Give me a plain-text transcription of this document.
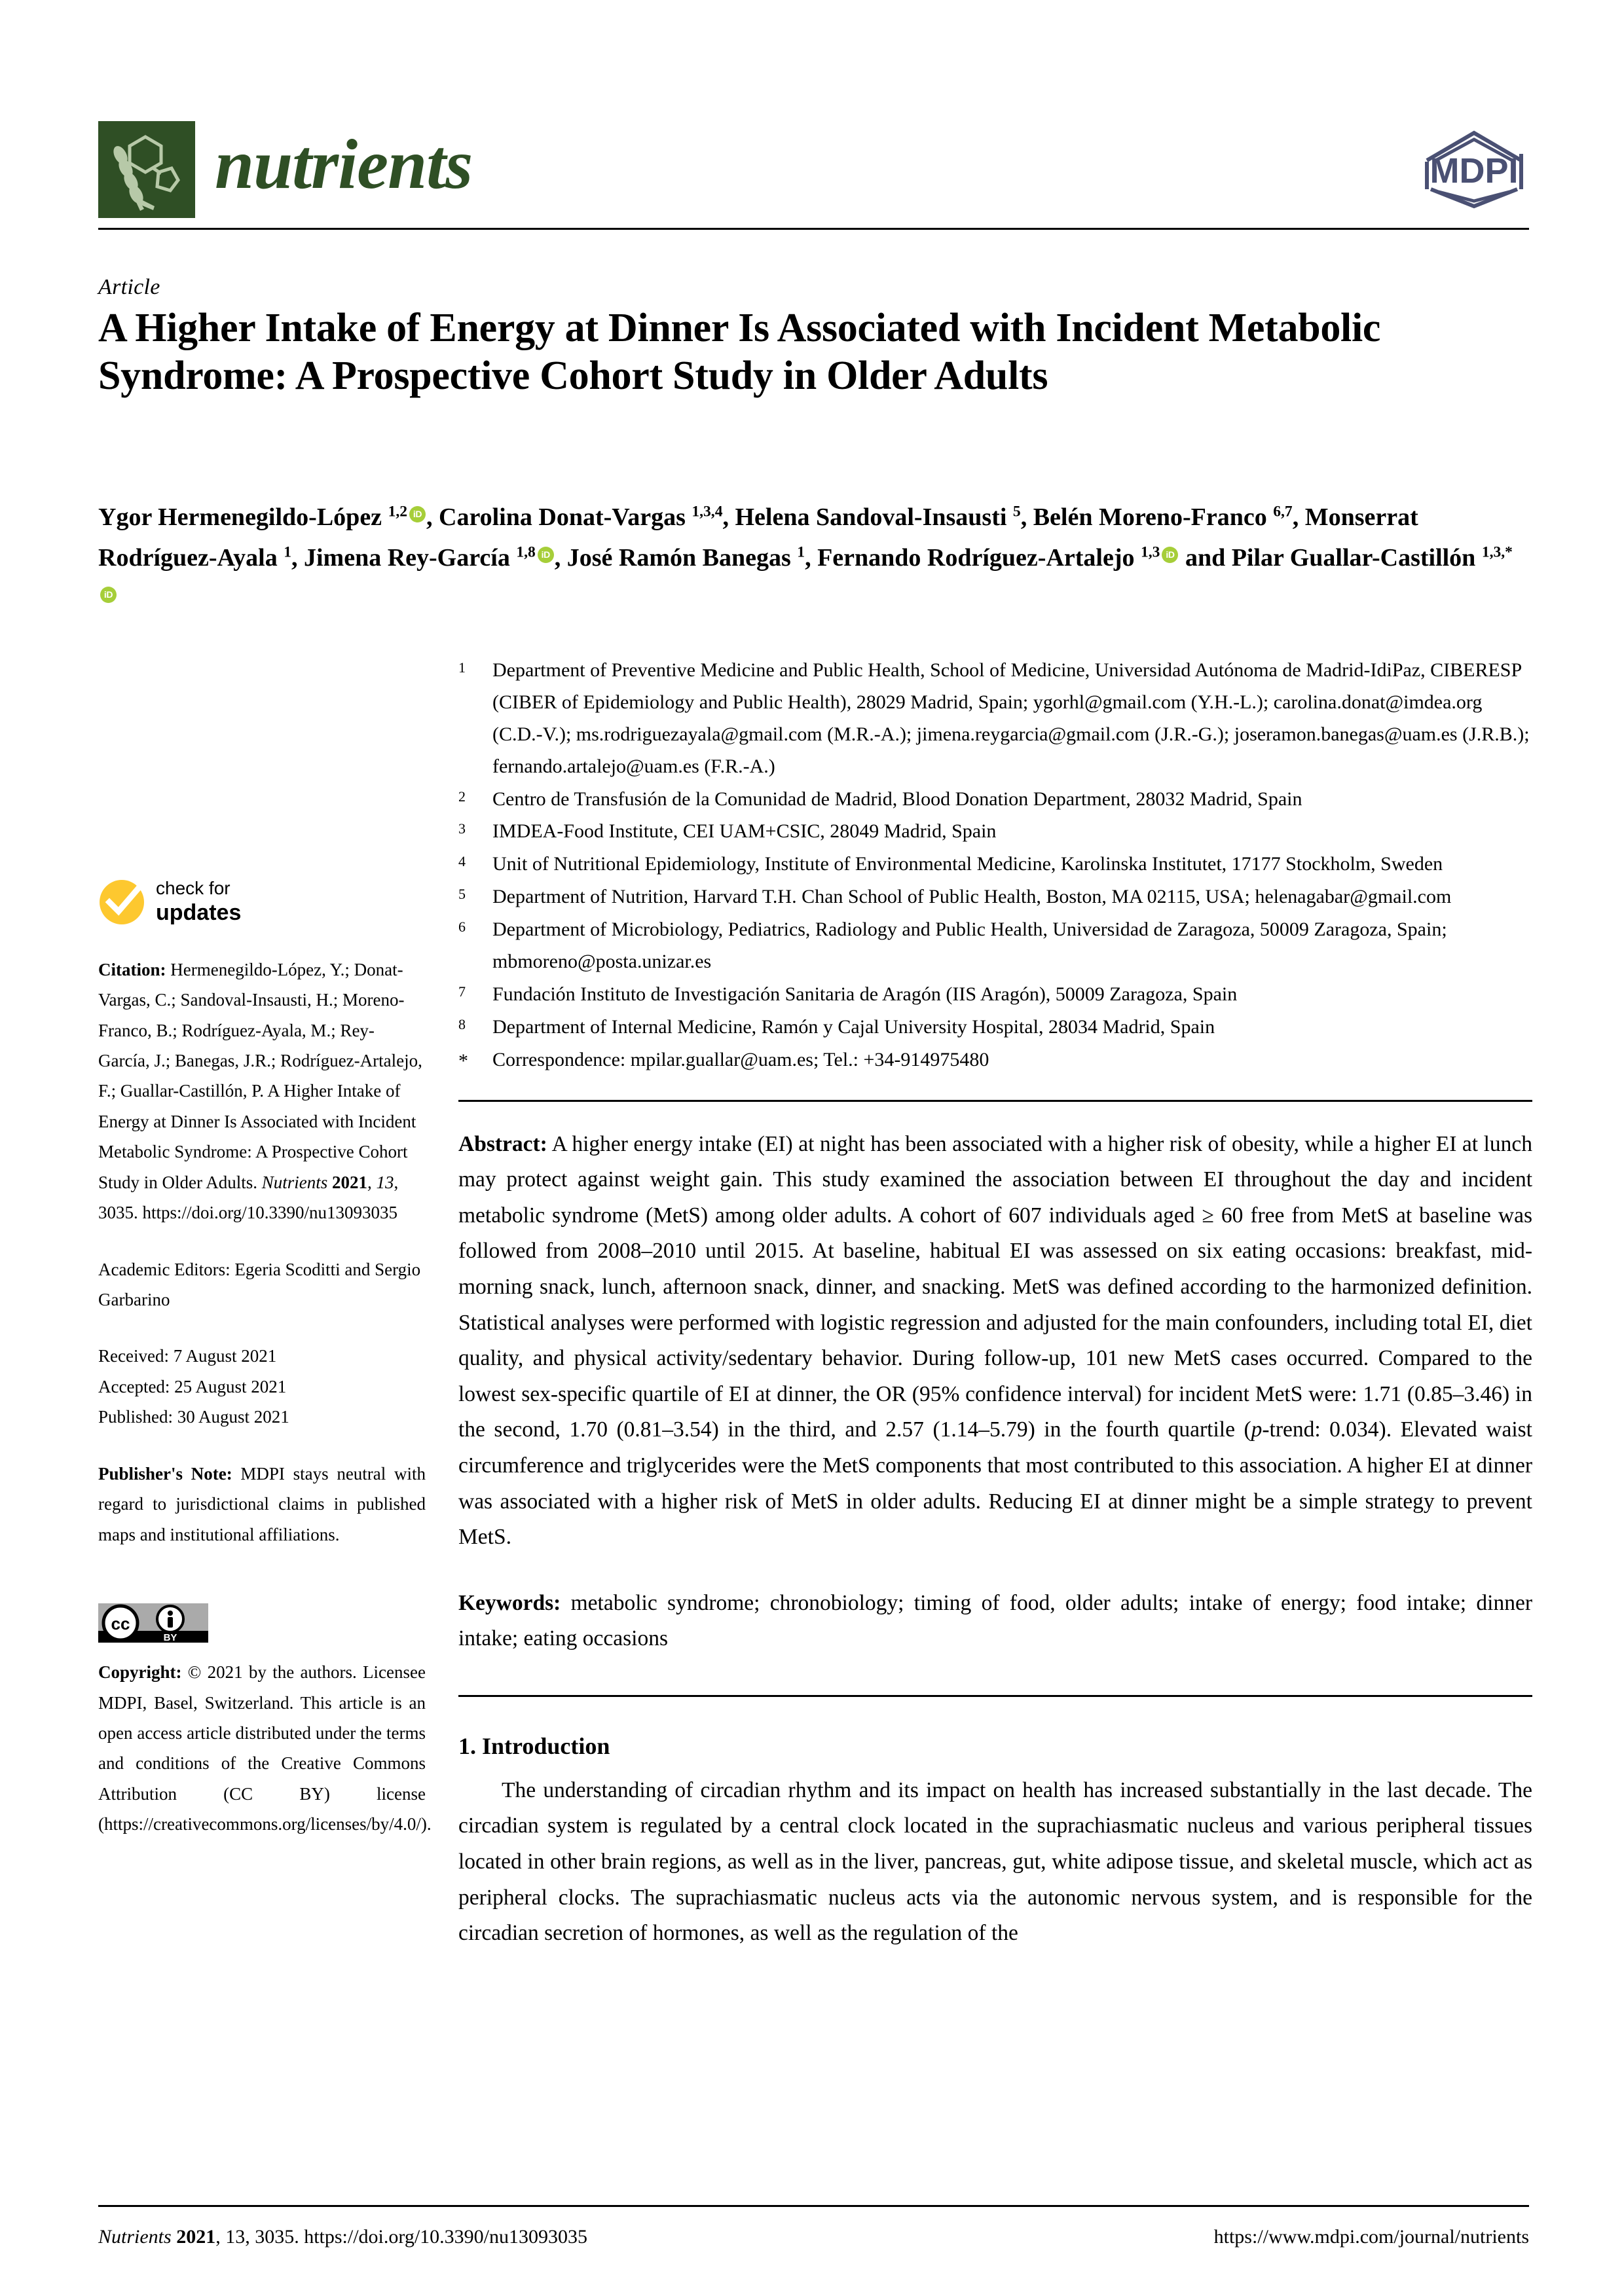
nutrients	MDPI
Article
A Higher Intake of Energy at Dinner Is Associated with Incident Metabolic Syndrome: A Prospective Cohort Study in Older Adults
Ygor Hermenegildo-López $^{1,2}$ iD , Carolina Donat-Vargas $^{1,3,4}$, Helena Sandoval-Insausti $^5$, Belén Moreno-Franco $^{6,7}$, Monserrat Rodríguez-Ayala $^1$, Jimena Rey-García $^{1,8}$ iD , José Ramón Banegas $^1$, Fernando Rodríguez-Artalejo $^{1,3}$ iD and Pilar Guallar-Castillón $^{1,3,*}$iD
check for
updates
Citation: Hermenegildo-López, Y.; Donat-Vargas, C.; Sandoval-Insausti, H.; Moreno-Franco, B.; Rodríguez-Ayala, M.; Rey-García, J.; Banegas, J.R.; Rodríguez-Artalejo, F.; Guallar-Castillón, P. A Higher Intake of Energy at Dinner Is Associated with Incident Metabolic Syndrome: A Prospective Cohort Study in Older Adults. Nutrients 2021, 13, 3035. https://doi.org/10.3390/nu13093035
Academic Editors: Egeria Scoditti and Sergio Garbarino
Received: 7 August 2021
Accepted: 25 August 2021
Published: 30 August 2021
Publisher's Note: MDPI stays neutral with regard to jurisdictional claims in published maps and institutional affiliations.
cc
BY
Copyright: © 2021 by the authors. Licensee MDPI, Basel, Switzerland. This article is an open access article distributed under the terms and conditions of the Creative Commons Attribution (CC BY) license (https://creativecommons.org/licenses/by/4.0/).
1	Department of Preventive Medicine and Public Health, School of Medicine, Universidad Autónoma de Madrid-IdiPaz, CIBERESP (CIBER of Epidemiology and Public Health), 28029 Madrid, Spain; ygorhl@gmail.com (Y.H.-L.); carolina.donat@imdea.org (C.D.-V.); ms.rodriguezayala@gmail.com (M.R.-A.); jimena.reygarcia@gmail.com (J.R.-G.); joseramon.banegas@uam.es (J.R.B.); fernando.artalejo@uam.es (F.R.-A.)
2	Centro de Transfusión de la Comunidad de Madrid, Blood Donation Department, 28032 Madrid, Spain
3	IMDEA-Food Institute, CEI UAM+CSIC, 28049 Madrid, Spain
4	Unit of Nutritional Epidemiology, Institute of Environmental Medicine, Karolinska Institutet, 17177 Stockholm, Sweden
5	Department of Nutrition, Harvard T.H. Chan School of Public Health, Boston, MA 02115, USA; helenagabar@gmail.com
6	Department of Microbiology, Pediatrics, Radiology and Public Health, Universidad de Zaragoza, 50009 Zaragoza, Spain; mbmoreno@posta.unizar.es
7	Fundación Instituto de Investigación Sanitaria de Aragón (IIS Aragón), 50009 Zaragoza, Spain
8	Department of Internal Medicine, Ramón y Cajal University Hospital, 28034 Madrid, Spain
*	Correspondence: mpilar.guallar@uam.es; Tel.: +34-914975480
Abstract: A higher energy intake (EI) at night has been associated with a higher risk of obesity, while a higher EI at lunch may protect against weight gain. This study examined the association between EI throughout the day and incident metabolic syndrome (MetS) among older adults. A cohort of 607 individuals aged ≥ 60 free from MetS at baseline was followed from 2008–2010 until 2015. At baseline, habitual EI was assessed on six eating occasions: breakfast, mid-morning snack, lunch, afternoon snack, dinner, and snacking. MetS was defined according to the harmonized definition. Statistical analyses were performed with logistic regression and adjusted for the main confounders, including total EI, diet quality, and physical activity/sedentary behavior. During follow-up, 101 new MetS cases occurred. Compared to the lowest sex-specific quartile of EI at dinner, the OR (95% confidence interval) for incident MetS were: 1.71 (0.85–3.46) in the second, 1.70 (0.81–3.54) in the third, and 2.57 (1.14–5.79) in the fourth quartile (p-trend: 0.034). Elevated waist circumference and triglycerides were the MetS components that most contributed to this association. A higher EI at dinner was associated with a higher risk of MetS in older adults. Reducing EI at dinner might be a simple strategy to prevent MetS.
Keywords: metabolic syndrome; chronobiology; timing of food, older adults; intake of energy; food intake; dinner intake; eating occasions
1. Introduction
The understanding of circadian rhythm and its impact on health has increased substantially in the last decade. The circadian system is regulated by a central clock located in the suprachiasmatic nucleus and various peripheral tissues located in other brain regions, as well as in the liver, pancreas, gut, white adipose tissue, and skeletal muscle, which act as peripheral clocks. The suprachiasmatic nucleus acts via the autonomic nervous system, and is responsible for the circadian secretion of hormones, as well as the regulation of the
Nutrients 2021, 13, 3035. https://doi.org/10.3390/nu13093035	https://www.mdpi.com/journal/nutrients
